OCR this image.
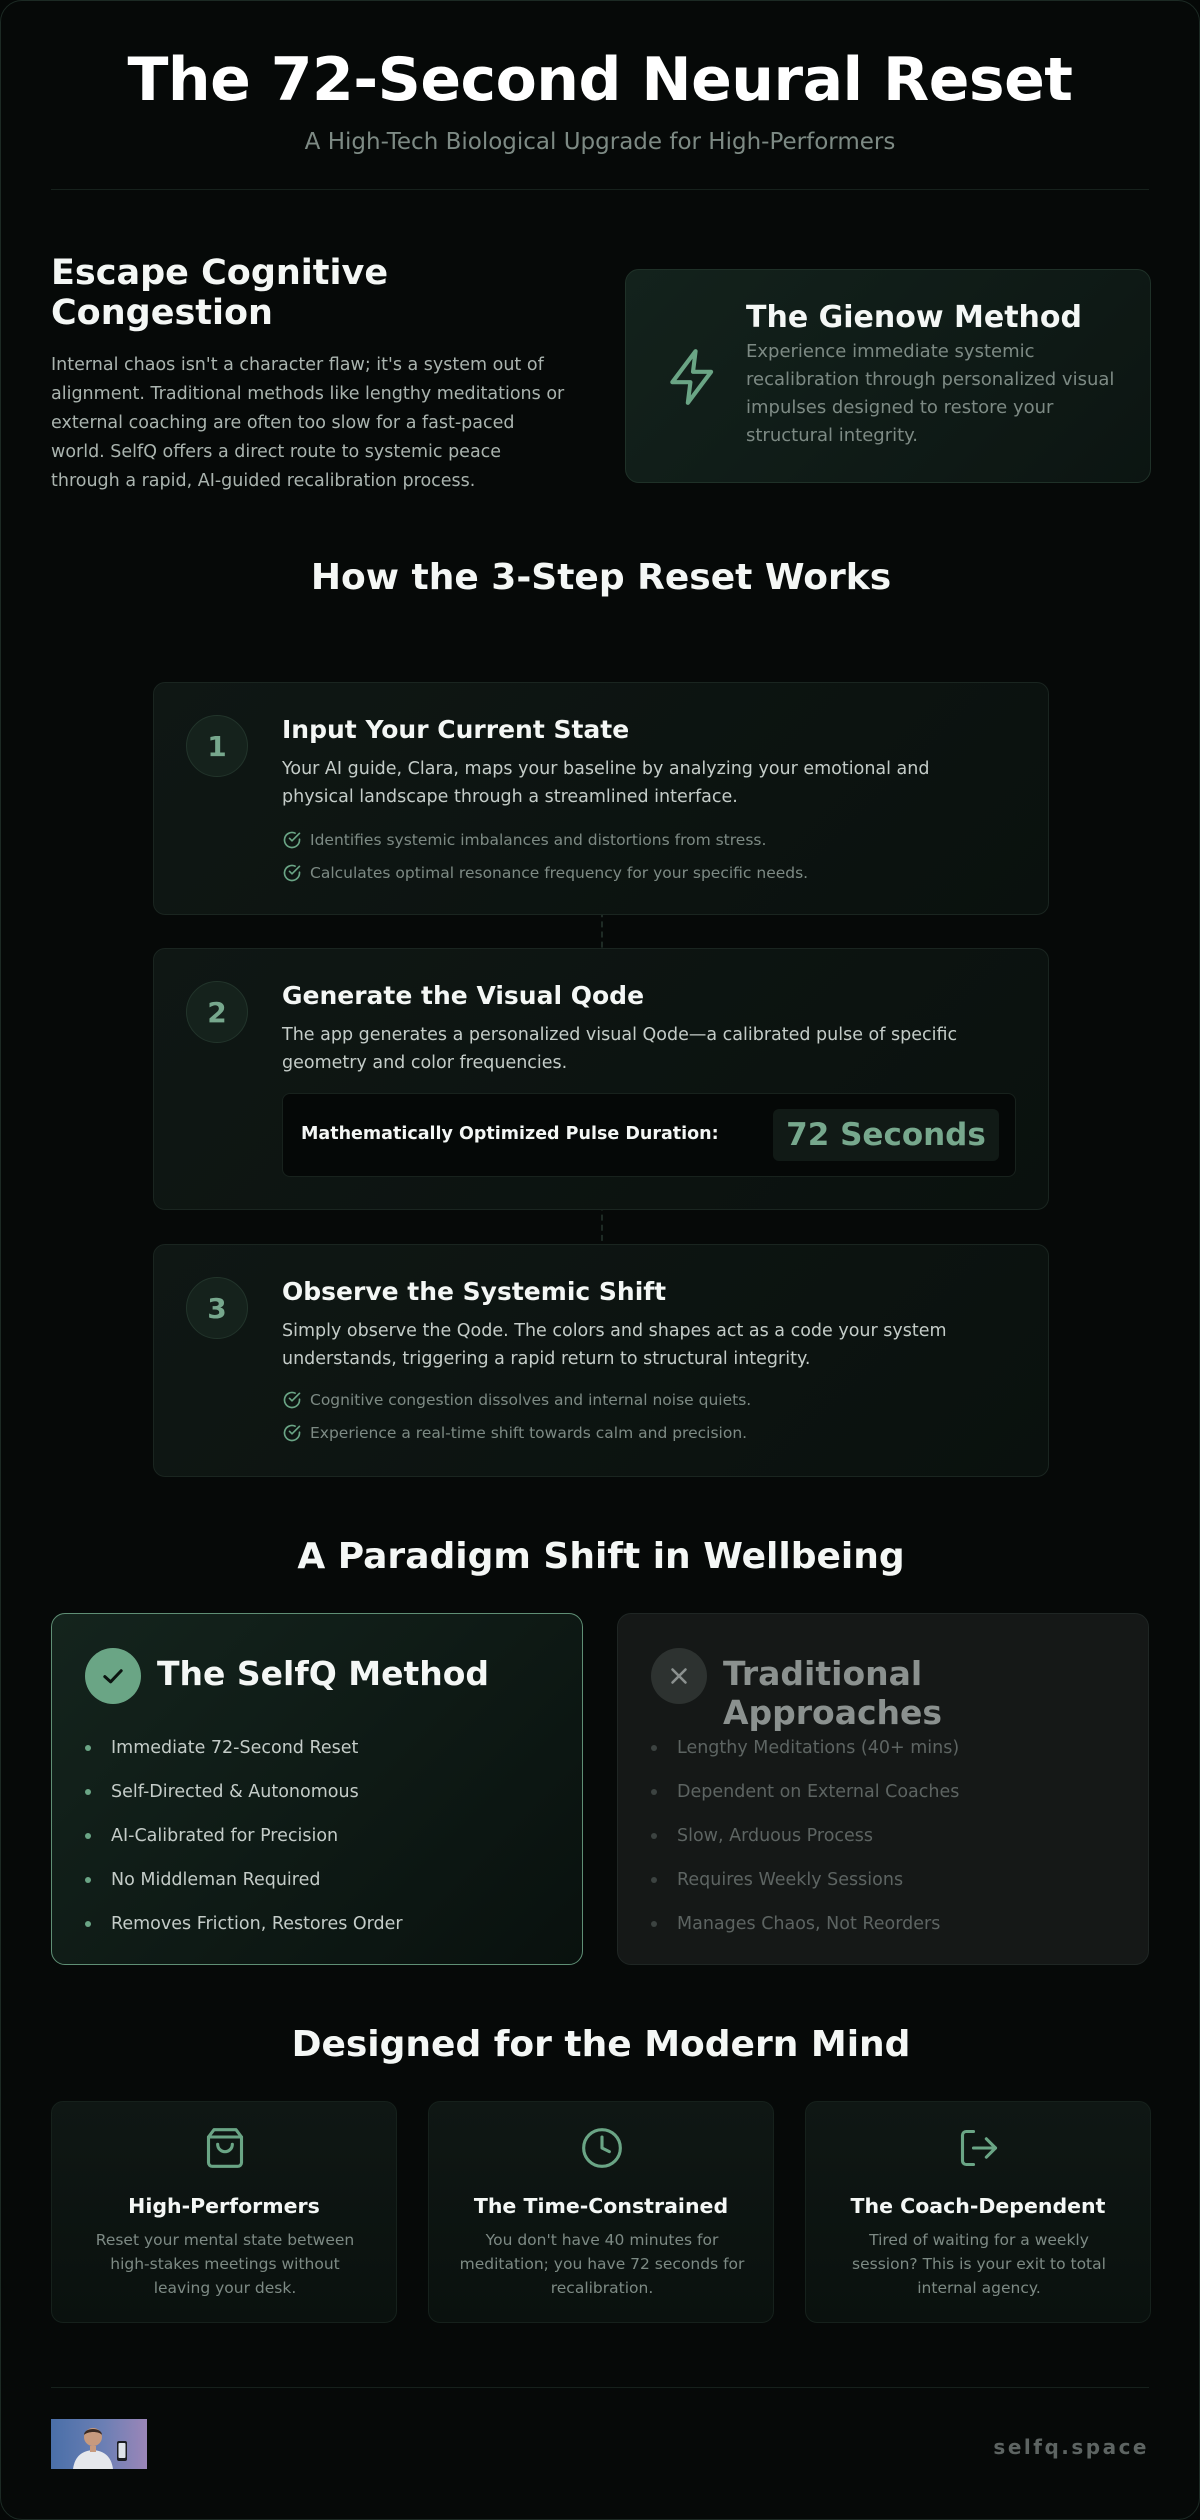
The 72-Second Neural Reset

A High-Tech Biological Upgrade for High-Performers

Escape Cognitive
Congestion

Internal chaos isn't a character flaw; it's a system out of alignment. Traditional methods like lengthy meditations or external coaching are often too slow for a fast-paced world. SelfQ offers a direct route to systemic peace through a rapid, AI-guided recalibration process.

The Gienow Method
Experience immediate systemic recalibration through personalized visual impulses designed to restore your structural integrity.
How the 3-Step Reset Works
1	Input Your Current State
Your AI guide, Clara, maps your baseline by analyzing your emotional and physical landscape through a streamlined interface.
Identifies systemic imbalances and distortions from stress.
Calculates optimal resonance frequency for your specific needs.
2	Generate the Visual Qode
The app generates a personalized visual Qode—a calibrated pulse of specific geometry and color frequencies.
Mathematically Optimized Pulse Duration:	72 Seconds
3	Observe the Systemic Shift
Simply observe the Qode. The colors and shapes act as a code your system understands, triggering a rapid return to structural integrity.
Cognitive congestion dissolves and internal noise quiets.
Experience a real-time shift towards calm and precision.
A Paradigm Shift in Wellbeing
The SelfQ Method
Immediate 72-Second Reset
Self-Directed & Autonomous
AI-Calibrated for Precision
No Middleman Required
Removes Friction, Restores Order
Traditional Approaches
Lengthy Meditations (40+ mins)
Dependent on External Coaches
Slow, Arduous Process
Requires Weekly Sessions
Manages Chaos, Not Reorders
Designed for the Modern Mind
High-Performers
Reset your mental state between high-stakes meetings without leaving your desk.
The Time-Constrained
You don't have 40 minutes for meditation; you have 72 seconds for recalibration.
The Coach-Dependent
Tired of waiting for a weekly session? This is your exit to total internal agency.
selfq.space
